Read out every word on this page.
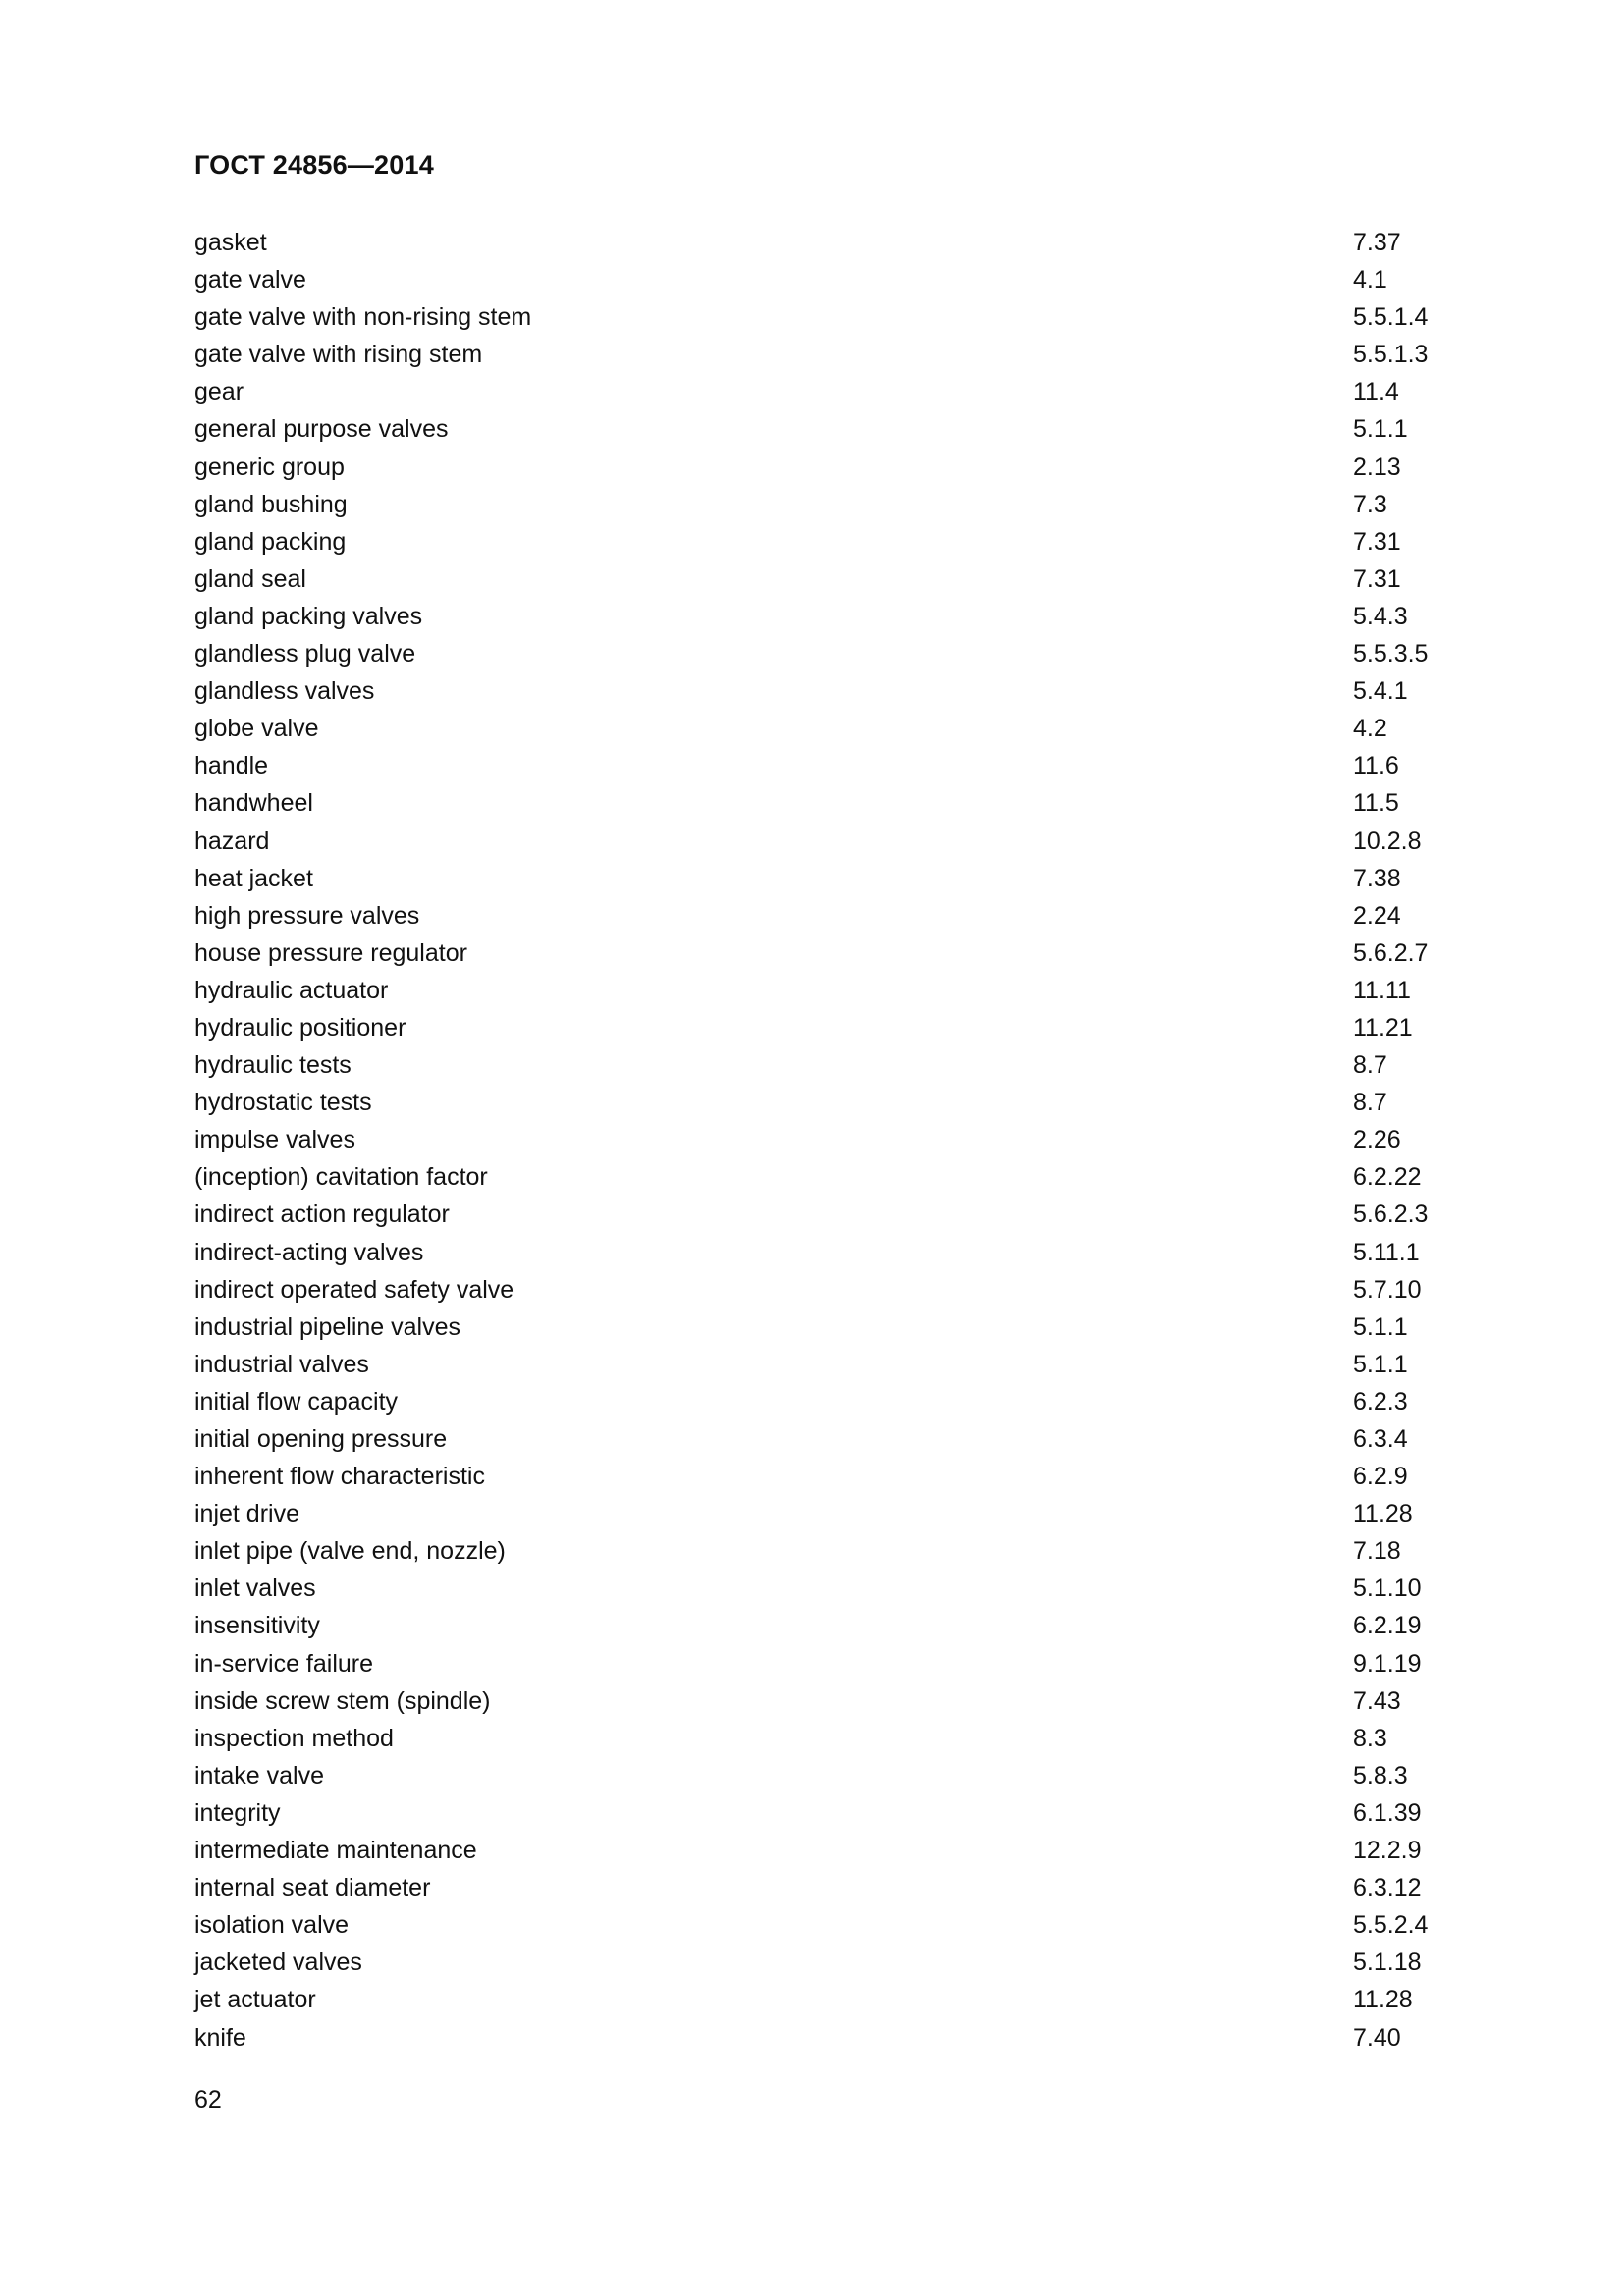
ГОСТ 24856—2014
gasket	7.37
gate valve	4.1
gate valve with non-rising stem	5.5.1.4
gate valve with rising stem	5.5.1.3
gear	11.4
general purpose valves	5.1.1
generic group	2.13
gland bushing	7.3
gland packing	7.31
gland seal	7.31
gland packing valves	5.4.3
glandless plug valve	5.5.3.5
glandless valves	5.4.1
globe valve	4.2
handle	11.6
handwheel	11.5
hazard	10.2.8
heat jacket	7.38
high pressure valves	2.24
house pressure regulator	5.6.2.7
hydraulic actuator	11.11
hydraulic positioner	11.21
hydraulic tests	8.7
hydrostatic tests	8.7
impulse valves	2.26
(inception) cavitation factor	6.2.22
indirect action regulator	5.6.2.3
indirect-acting valves	5.11.1
indirect operated safety valve	5.7.10
industrial pipeline valves	5.1.1
industrial valves	5.1.1
initial flow capacity	6.2.3
initial opening pressure	6.3.4
inherent flow characteristic	6.2.9
injet drive	11.28
inlet pipe (valve end, nozzle)	7.18
inlet valves	5.1.10
insensitivity	6.2.19
in-service failure	9.1.19
inside screw stem (spindle)	7.43
inspection method	8.3
intake valve	5.8.3
integrity	6.1.39
intermediate maintenance	12.2.9
internal seat diameter	6.3.12
isolation valve	5.5.2.4
jacketed valves	5.1.18
jet actuator	11.28
knife	7.40
62
